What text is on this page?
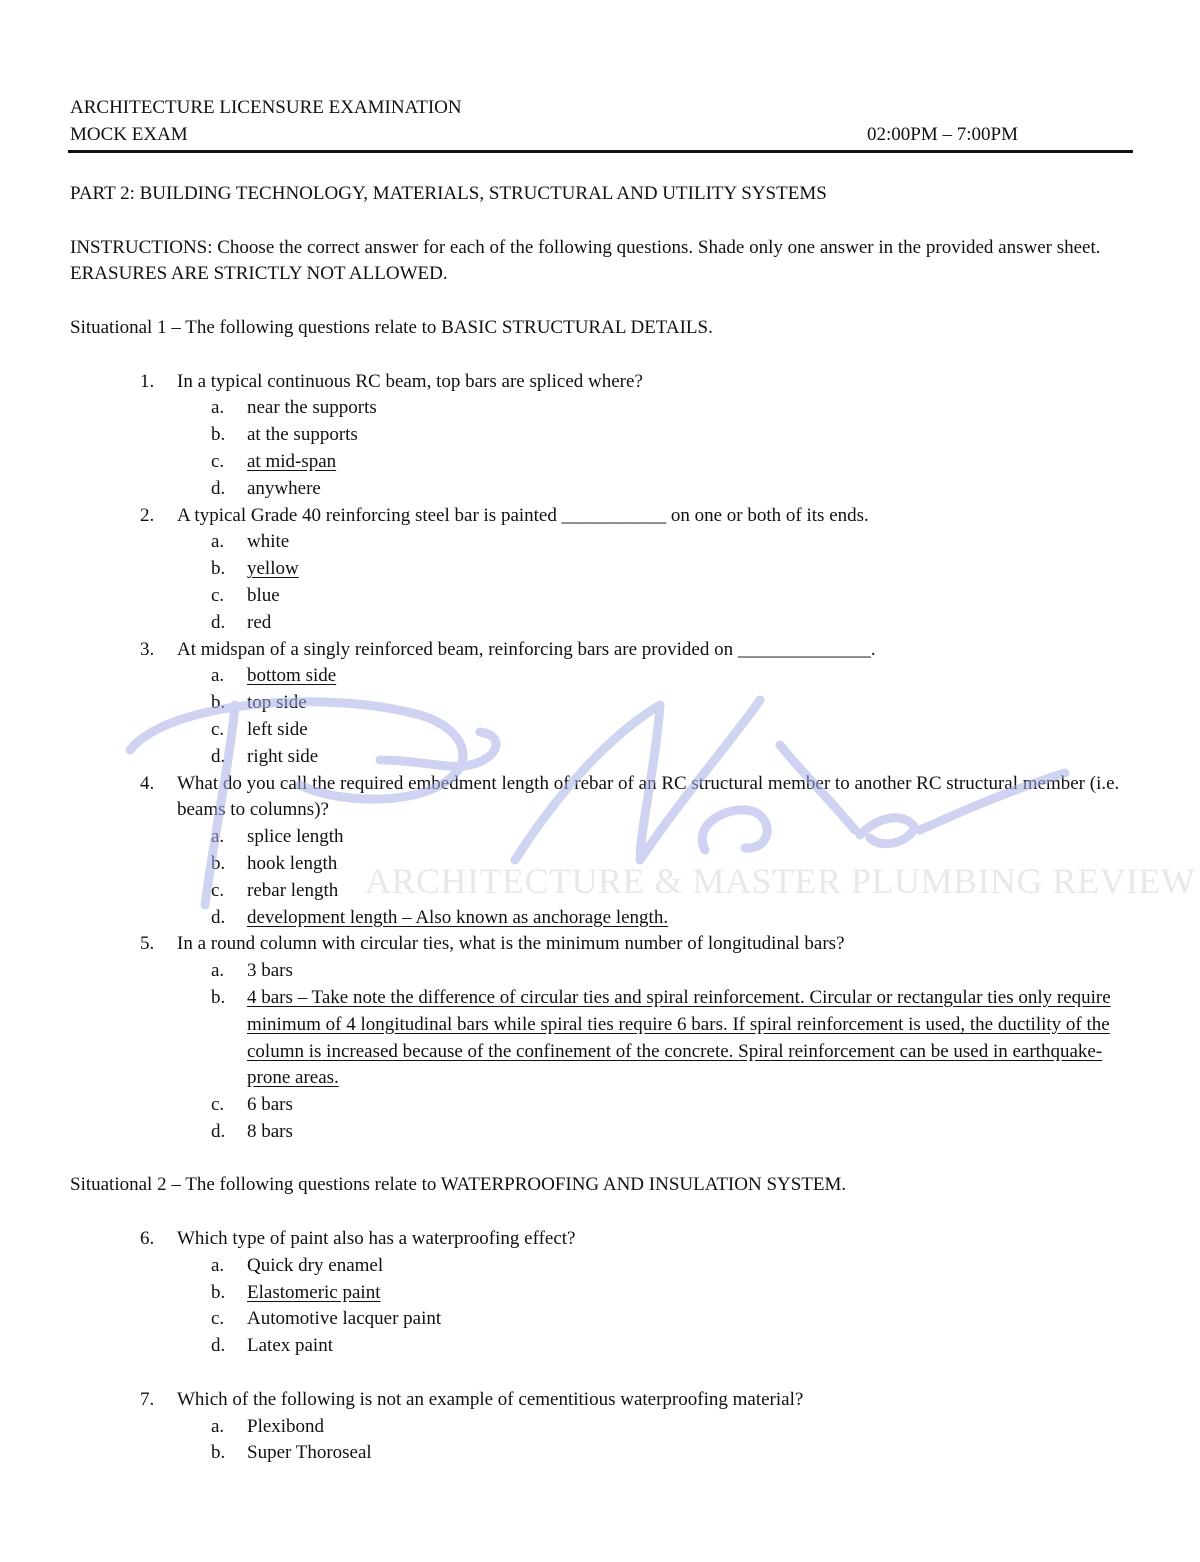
ARCHITECTURE LICENSURE EXAMINATION
MOCK EXAM	02:00PM – 7:00PM

PART 2: BUILDING TECHNOLOGY, MATERIALS, STRUCTURAL AND UTILITY SYSTEMS

INSTRUCTIONS: Choose the correct answer for each of the following questions. Shade only one answer in the provided answer sheet. ERASURES ARE STRICTLY NOT ALLOWED.

Situational 1 – The following questions relate to BASIC STRUCTURAL DETAILS.

1. In a typical continuous RC beam, top bars are spliced where?
a. near the supports
b. at the supports
c. at mid-span
d. anywhere
2. A typical Grade 40 reinforcing steel bar is painted ___________ on one or both of its ends.
a. white
b. yellow
c. blue
d. red
3. At midspan of a singly reinforced beam, reinforcing bars are provided on ______________.
a. bottom side
b. top side
c. left side
d. right side
4. What do you call the required embedment length of rebar of an RC structural member to another RC structural member (i.e. beams to columns)?
a. splice length
b. hook length
c. rebar length
d. development length – Also known as anchorage length.
5. In a round column with circular ties, what is the minimum number of longitudinal bars?
a. 3 bars
b. 4 bars – Take note the difference of circular ties and spiral reinforcement. Circular or rectangular ties only require minimum of 4 longitudinal bars while spiral ties require 6 bars. If spiral reinforcement is used, the ductility of the column is increased because of the confinement of the concrete. Spiral reinforcement can be used in earthquake-prone areas.
c. 6 bars
d. 8 bars

Situational 2 – The following questions relate to WATERPROOFING AND INSULATION SYSTEM.

6. Which type of paint also has a waterproofing effect?
a. Quick dry enamel
b. Elastomeric paint
c. Automotive lacquer paint
d. Latex paint
7. Which of the following is not an example of cementitious waterproofing material?
a. Plexibond
b. Super Thoroseal
ARCHITECTURE & MASTER PLUMBING REVIEW
